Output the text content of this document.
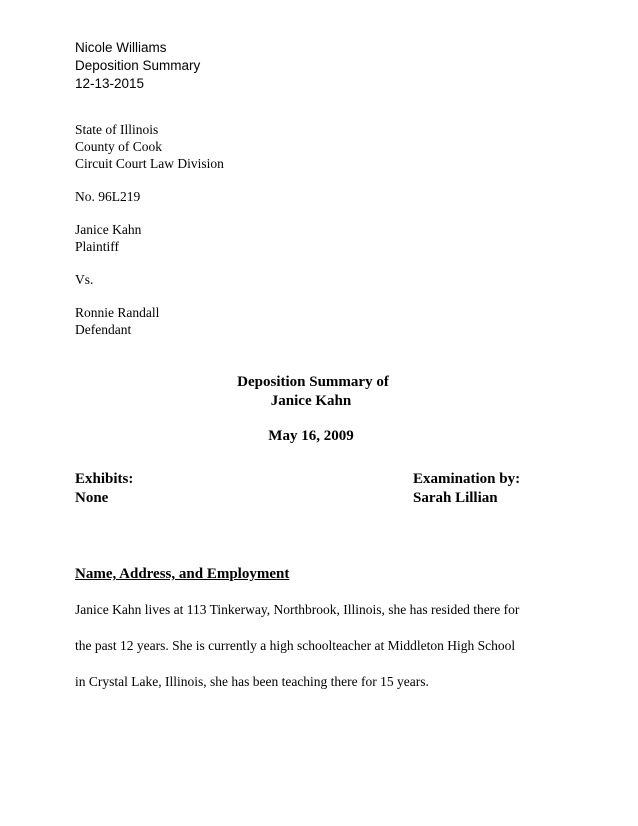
Nicole Williams
Deposition Summary
12-13-2015
State of Illinois
County of Cook
Circuit Court Law Division
No. 96L219
Janice Kahn
Plaintiff
Vs.
Ronnie Randall
Defendant
Deposition Summary of
Janice Kahn
May 16, 2009
Exhibits:
None
Examination by:
Sarah Lillian
Name, Address, and Employment
Janice Kahn lives at 113 Tinkerway, Northbrook, Illinois, she has resided there for
the past 12 years. She is currently a high schoolteacher at Middleton High School
in Crystal Lake, Illinois, she has been teaching there for 15 years.
